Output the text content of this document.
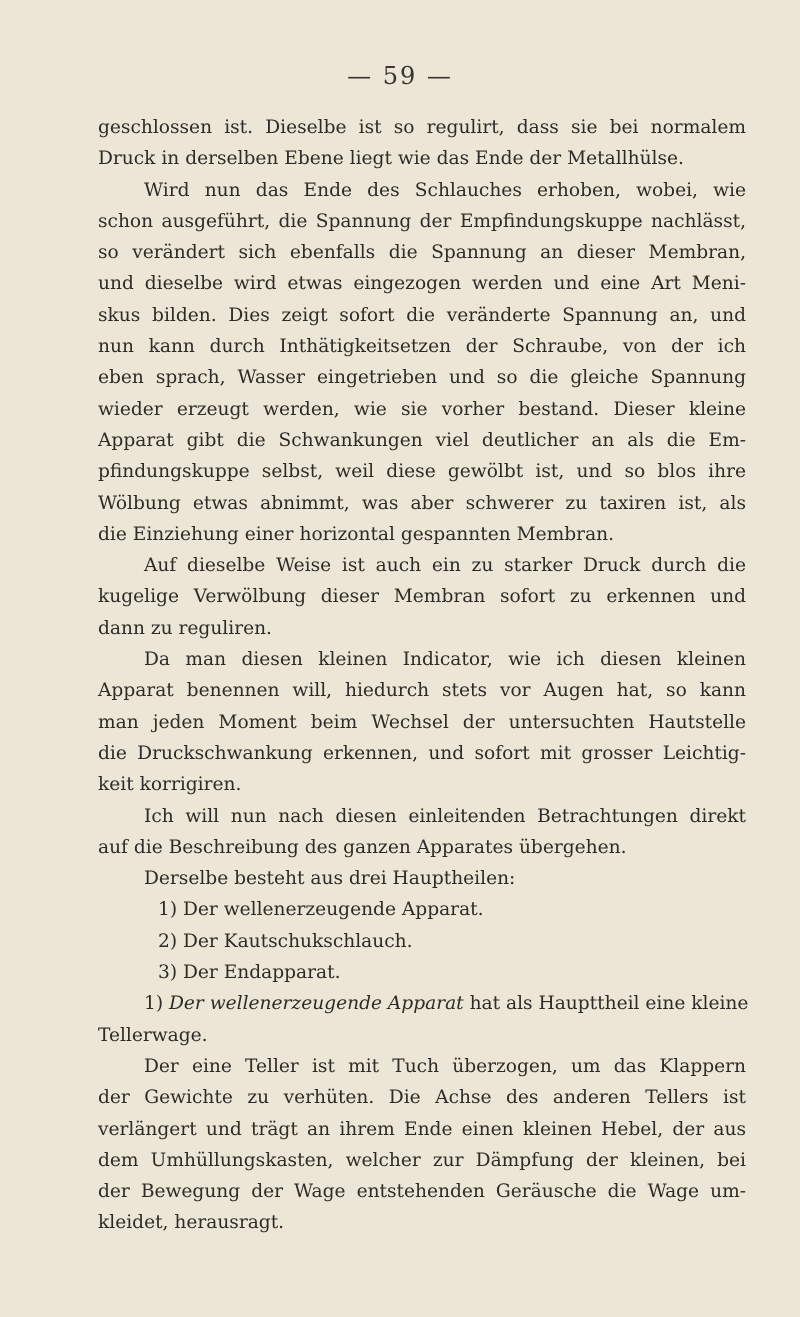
— 59 —
geschlossen ist. Dieselbe ist so regulirt, dass sie bei normalem
Druck in derselben Ebene liegt wie das Ende der Metallhülse.
Wird nun das Ende des Schlauches erhoben, wobei, wie
schon ausgeführt, die Spannung der Empfindungskuppe nachlässt,
so verändert sich ebenfalls die Spannung an dieser Membran,
und dieselbe wird etwas eingezogen werden und eine Art Meni-
skus bilden. Dies zeigt sofort die veränderte Spannung an, und
nun kann durch Inthätigkeitsetzen der Schraube, von der ich
eben sprach, Wasser eingetrieben und so die gleiche Spannung
wieder erzeugt werden, wie sie vorher bestand. Dieser kleine
Apparat gibt die Schwankungen viel deutlicher an als die Em-
pfindungskuppe selbst, weil diese gewölbt ist, und so blos ihre
Wölbung etwas abnimmt, was aber schwerer zu taxiren ist, als
die Einziehung einer horizontal gespannten Membran.
Auf dieselbe Weise ist auch ein zu starker Druck durch die
kugelige Verwölbung dieser Membran sofort zu erkennen und
dann zu reguliren.
Da man diesen kleinen Indicator, wie ich diesen kleinen
Apparat benennen will, hiedurch stets vor Augen hat, so kann
man jeden Moment beim Wechsel der untersuchten Hautstelle
die Druckschwankung erkennen, und sofort mit grosser Leichtig-
keit korrigiren.
Ich will nun nach diesen einleitenden Betrachtungen direkt
auf die Beschreibung des ganzen Apparates übergehen.
Derselbe besteht aus drei Hauptheilen:
1) Der wellenerzeugende Apparat.
2) Der Kautschukschlauch.
3) Der Endapparat.
1) Der wellenerzeugende Apparat hat als Haupttheil eine kleine
Tellerwage.
Der eine Teller ist mit Tuch überzogen, um das Klappern
der Gewichte zu verhüten. Die Achse des anderen Tellers ist
verlängert und trägt an ihrem Ende einen kleinen Hebel, der aus
dem Umhüllungskasten, welcher zur Dämpfung der kleinen, bei
der Bewegung der Wage entstehenden Geräusche die Wage um-
kleidet, herausragt.
